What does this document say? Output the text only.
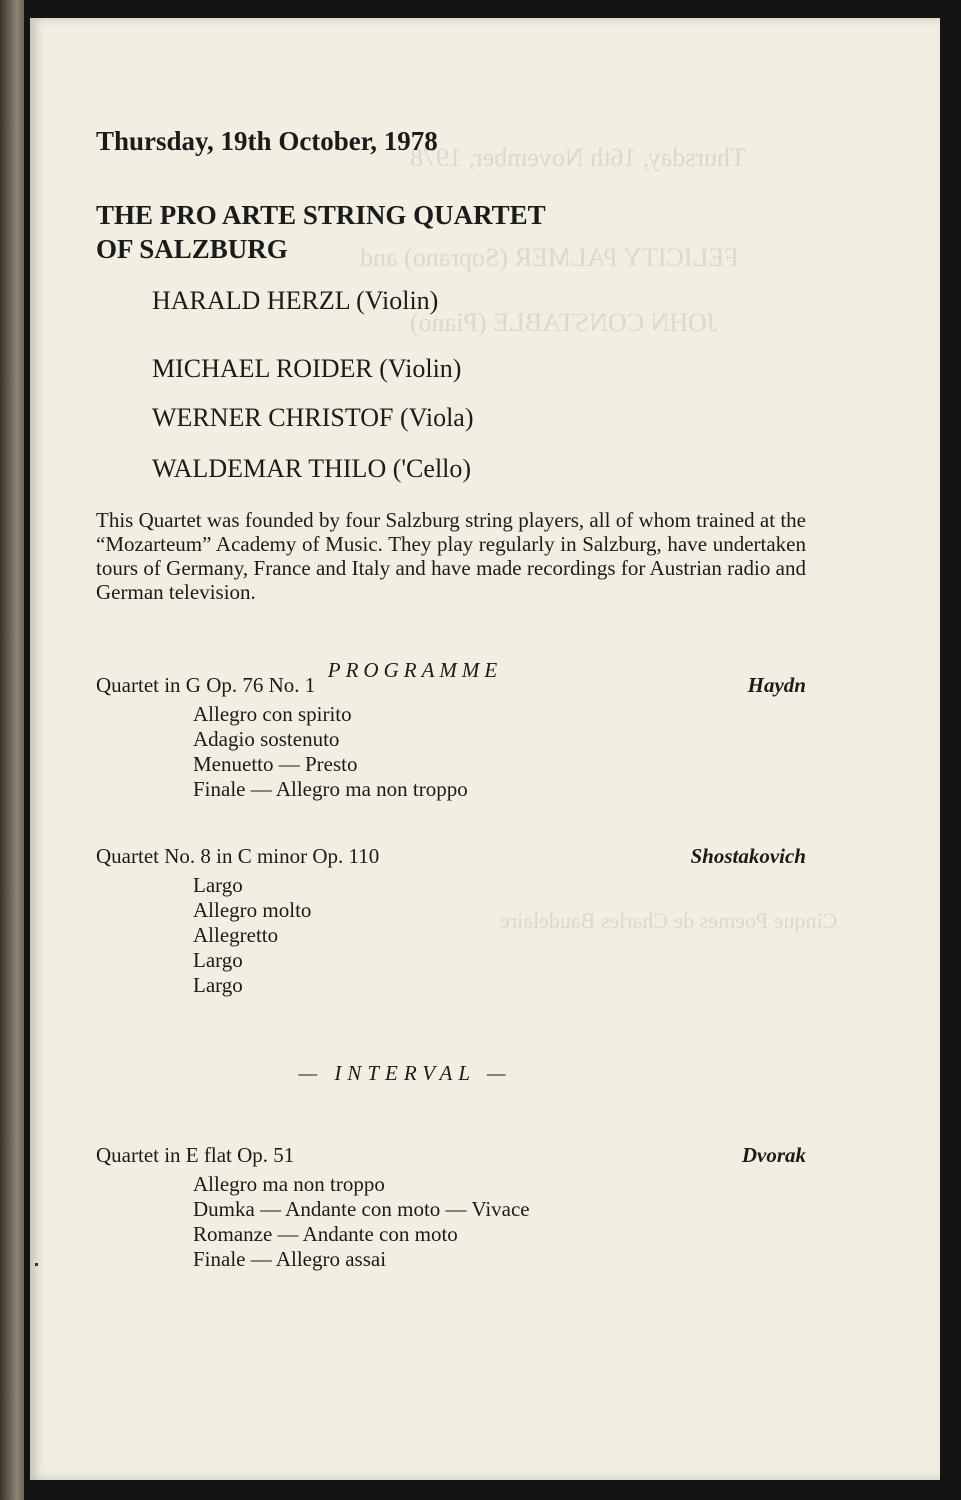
Thursday, 16th November, 1978
FELICITY PALMER (Soprano) and
JOHN CONSTABLE (Piano)
Cinque Poemes de Charles Baudelaire
Thursday, 19th October, 1978
THE PRO ARTE STRING QUARTET
OF SALZBURG
HARALD HERZL (Violin)
MICHAEL ROIDER (Violin)
WERNER CHRISTOF (Viola)
WALDEMAR THILO ('Cello)
This Quartet was founded by four Salzburg string players, all of whom trained at the “Mozarteum” Academy of Music. They play regularly in Salzburg, have undertaken tours of Germany, France and Italy and have made recordings for Austrian radio and German television.
PROGRAMME
Quartet in G Op. 76 No. 1	Haydn
Allegro con spirito
Adagio sostenuto
Menuetto — Presto
Finale — Allegro ma non troppo
Quartet No. 8 in C minor Op. 110	Shostakovich
Largo
Allegro molto
Allegretto
Largo
Largo
— INTERVAL —
Quartet in E flat Op. 51	Dvorak
Allegro ma non troppo
Dumka — Andante con moto — Vivace
Romanze — Andante con moto
Finale — Allegro assai
